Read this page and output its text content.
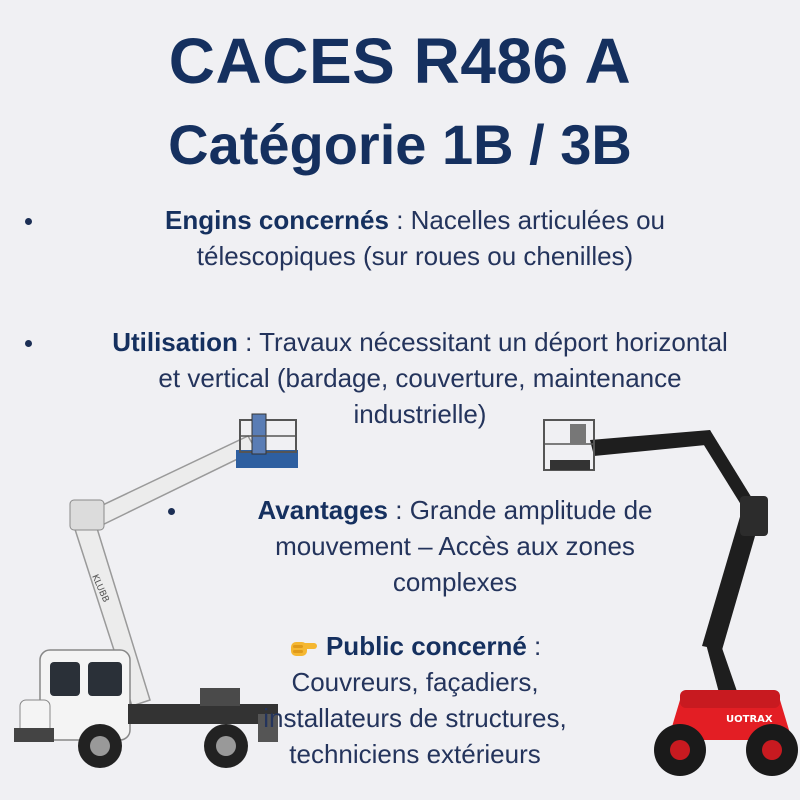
KLUBB
UOTRAX
CACES R486 A
Catégorie 1B / 3B
Engins concernés : Nacelles articulées ou
télescopiques (sur roues ou chenilles)
Utilisation : Travaux nécessitant un déport horizontal
et vertical (bardage, couverture, maintenance
industrielle)
Avantages : Grande amplitude de
mouvement – Accès aux zones
complexes
Public concerné :
Couvreurs, façadiers,
installateurs de structures,
techniciens extérieurs
